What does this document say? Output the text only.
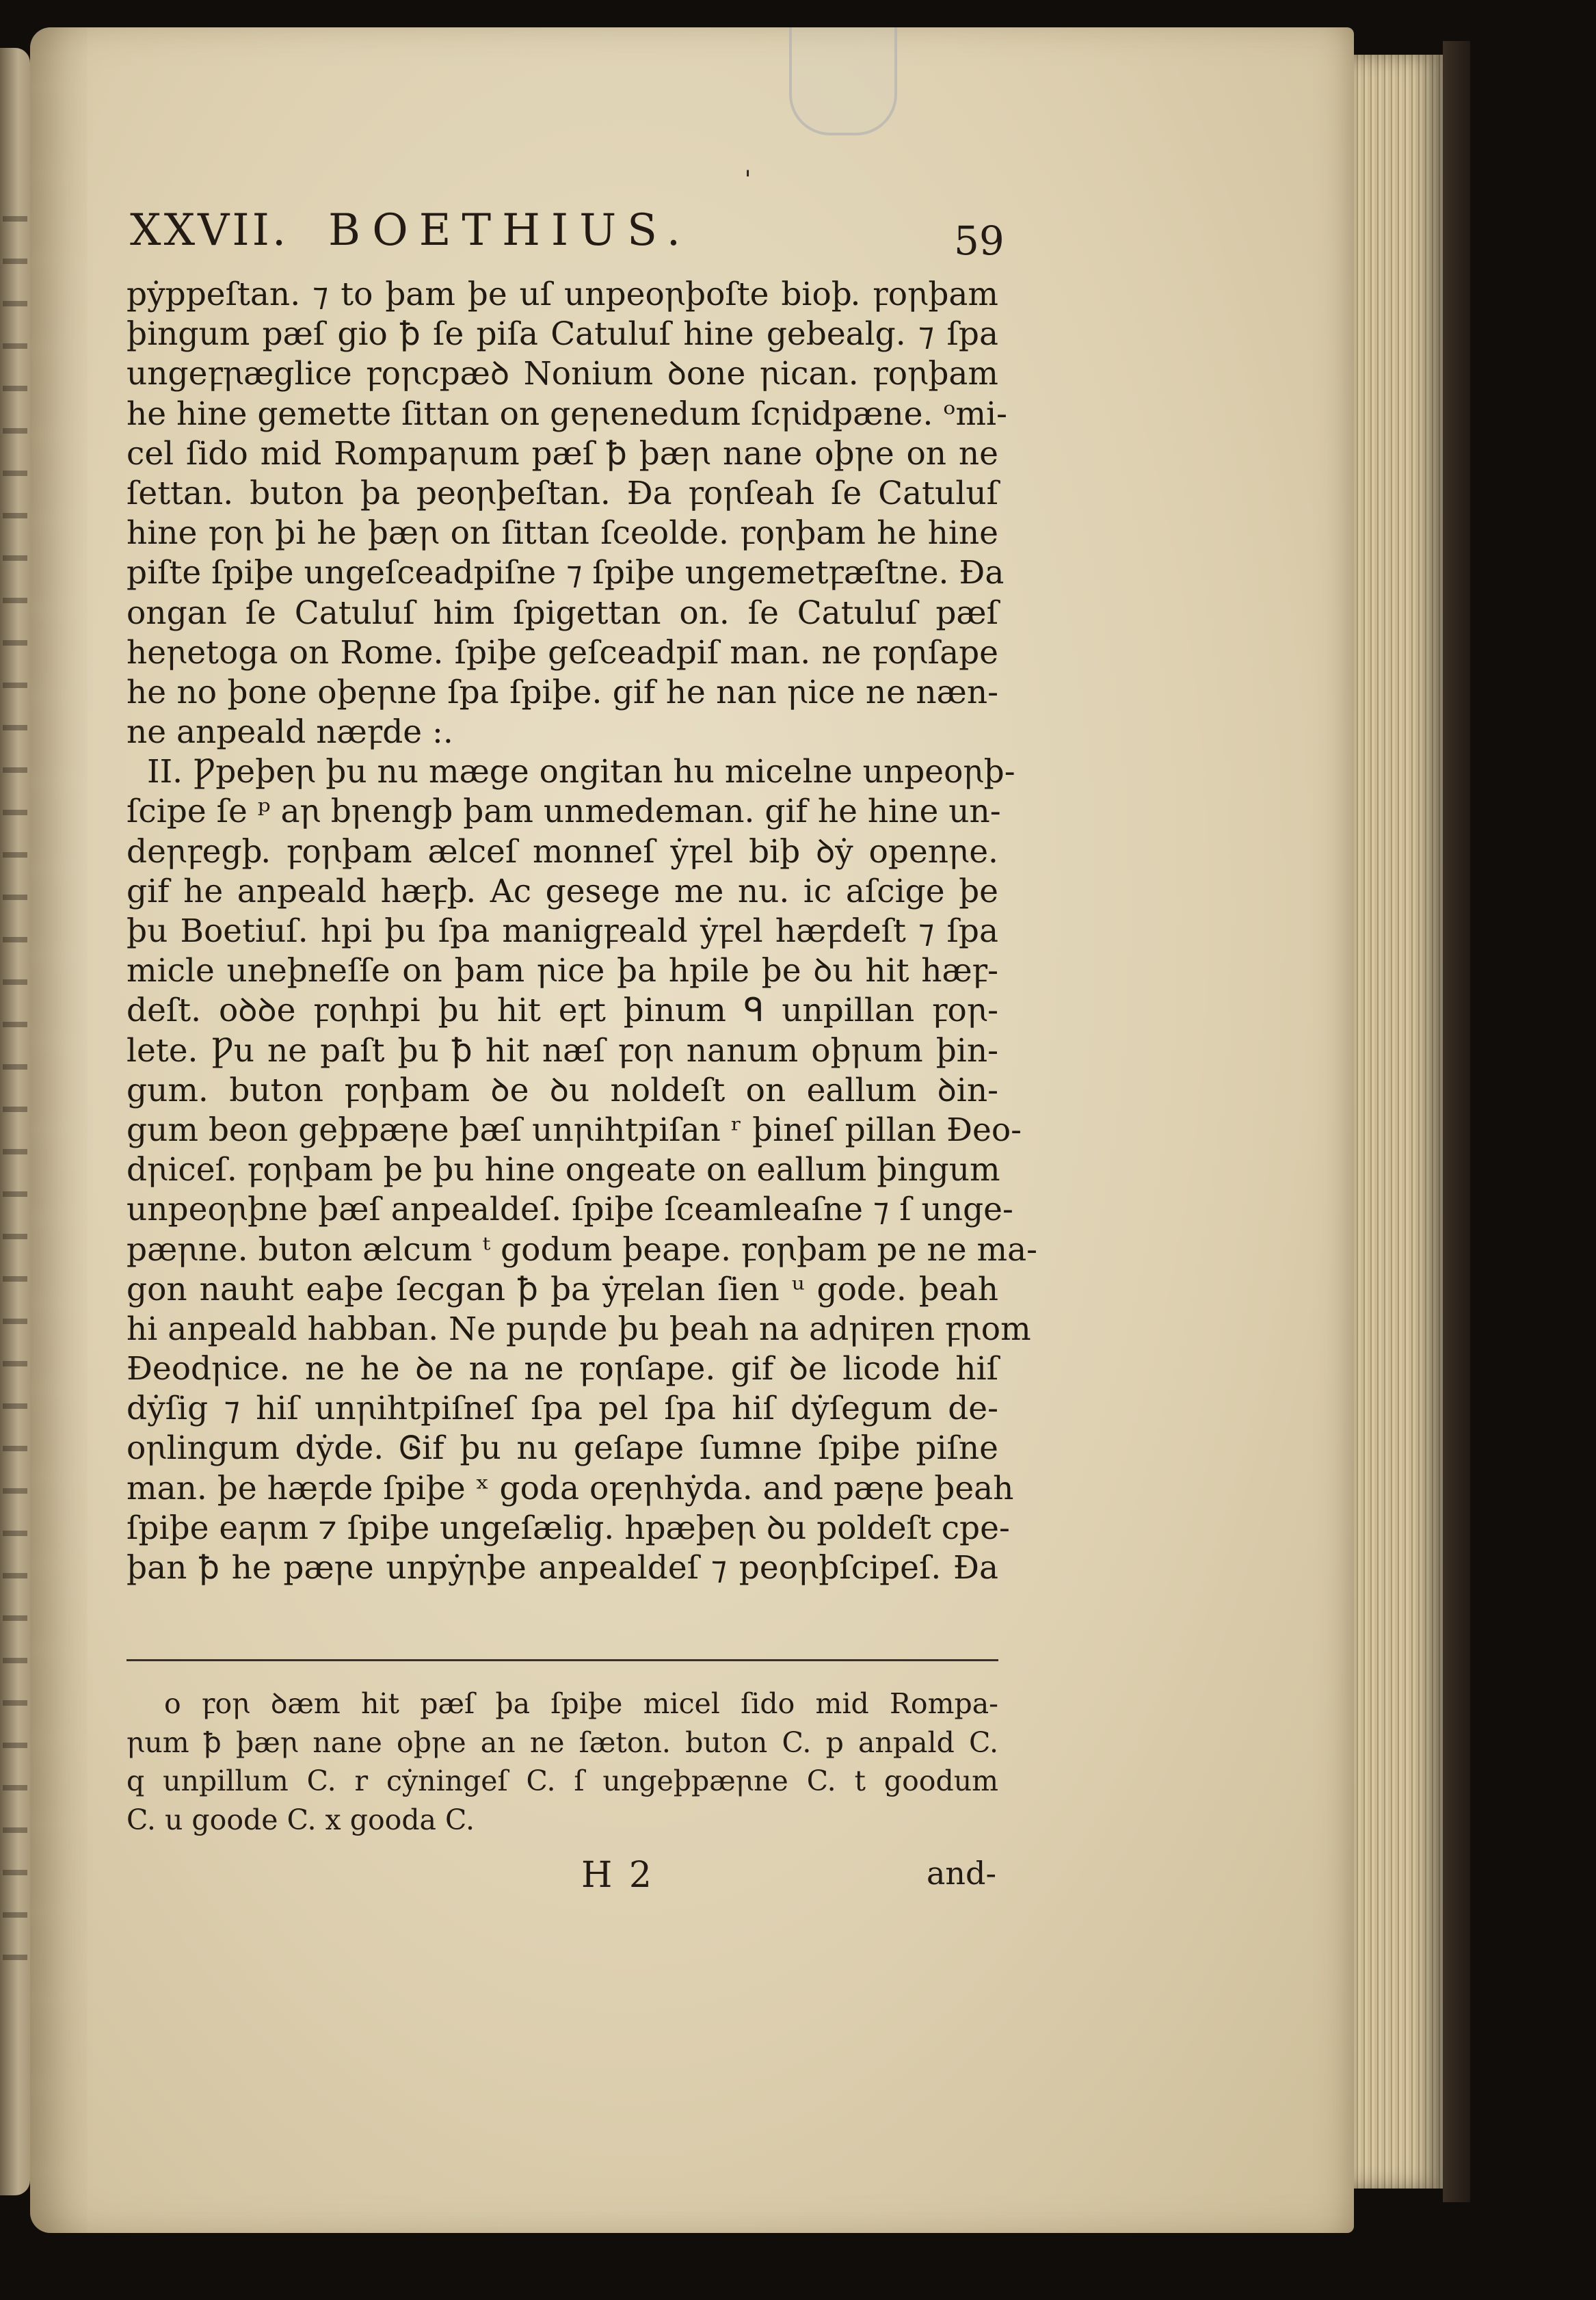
ˌ
XXVII. BOETHIUS.	59
pẏppeſtan. ⁊ to þam þe uſ unpeoꞃþoſte bioþ. ꝼoꞃþam
þingum pæſ gio ꝥ ſe piſa Catuluſ hine gebealg. ⁊ ſpa
ungeꝼꞃæglice ꝼoꞃcpæꝺ Nonium ꝺone ꞃican. ꝼoꞃþam
he hine gemette ſittan on geꞃenedum ſcꞃidpæne. ᵒmi-
cel ſido mid Rompaꞃum pæſ ꝥ þæꞃ nane oþꞃe on ne
ſettan. buton þa peoꞃþeſtan. Đa ꝼoꞃſeah ſe Catuluſ
hine ꝼoꞃ þi he þæꞃ on ſittan ſceolde. ꝼoꞃþam he hine
piſte ſpiþe ungeſceadpiſne ⁊ ſpiþe ungemetꝼæſtne. Đa
ongan ſe Catuluſ him ſpigettan on. ſe Catuluſ pæſ
heꞃetoga on Rome. ſpiþe geſceadpiſ man. ne ꝼoꞃſape
he no þone oþeꞃne ſpa ſpiþe. gif he nan ꞃice ne næn-
ne anpeald næꝼde :.
II. Ƿpeþeꞃ þu nu mæge ongitan hu micelne unpeoꞃþ-
ſcipe ſe ᵖ aꞃ bꞃengþ þam unmedeman. gif he hine un-
deꞃꝼegþ. ꝼoꞃþam ælceſ monneſ ẏꝼel biþ ꝺẏ openꞃe.
gif he anpeald hæꝼþ. Ac gesege me nu. ic aſcige þe
þu Boetiuſ. hpi þu ſpa manigꝼeald ẏꝼel hæꝼdeſt ⁊ ſpa
micle uneþneſſe on þam ꞃice þa hpile þe ꝺu hit hæꝼ-
deſt. oꝺꝺe ꝼoꞃhpi þu hit eꝼt þinum ᑫ unpillan ꝼoꞃ-
lete. Ƿu ne paſt þu ꝥ hit næſ ꝼoꞃ nanum oþꞃum þin-
gum. buton ꝼoꞃþam ꝺe ꝺu noldeſt on eallum ꝺin-
gum beon geþpæꞃe þæſ unꞃihtpiſan ʳ þineſ pillan Đeo-
dꞃiceſ. ꝼoꞃþam þe þu hine ongeate on eallum þingum
unpeoꞃþne þæſ anpealdeſ. ſpiþe ſceamleaſne ⁊ ſ unge-
pæꞃne. buton ælcum ᵗ godum þeape. ꝼoꞃþam pe ne ma-
gon nauht eaþe ſecgan ꝥ þa ẏꝼelan ſien ᵘ gode. þeah
hi anpeald habban. Ne puꞃde þu þeah na adꞃiꝼen ꝼꞃom
Đeodꞃice. ne he ꝺe na ne ꝼoꞃſape. gif ꝺe licode hiſ
dẏſig ⁊ hiſ unꞃihtpiſneſ ſpa pel ſpa hiſ dẏſegum de-
oꞃlingum dẏde. Ꮆif þu nu geſape ſumne ſpiþe piſne
man. þe hæꝼde ſpiþe ˣ goda oꝼeꞃhẏda. and pæꞃe þeah
ſpiþe eaꞃm ⁊ ſpiþe ungeſælig. hpæþeꞃ ꝺu poldeſt cpe-
þan ꝥ he pæꞃe unpẏꞃþe anpealdeſ ⁊ peoꞃþſcipeſ. Đa
o ꝼoꞃ ꝺæm hit pæſ þa ſpiþe micel ſido mid Rompa-
ꞃum ꝥ þæꞃ nane oþꞃe an ne ſæton. buton C. p anpald C.
q unpillum C. r cẏningeſ C. ſ ungeþpæꞃne C. t goodum
C. u goode C. x gooda C.
H 2	and-
